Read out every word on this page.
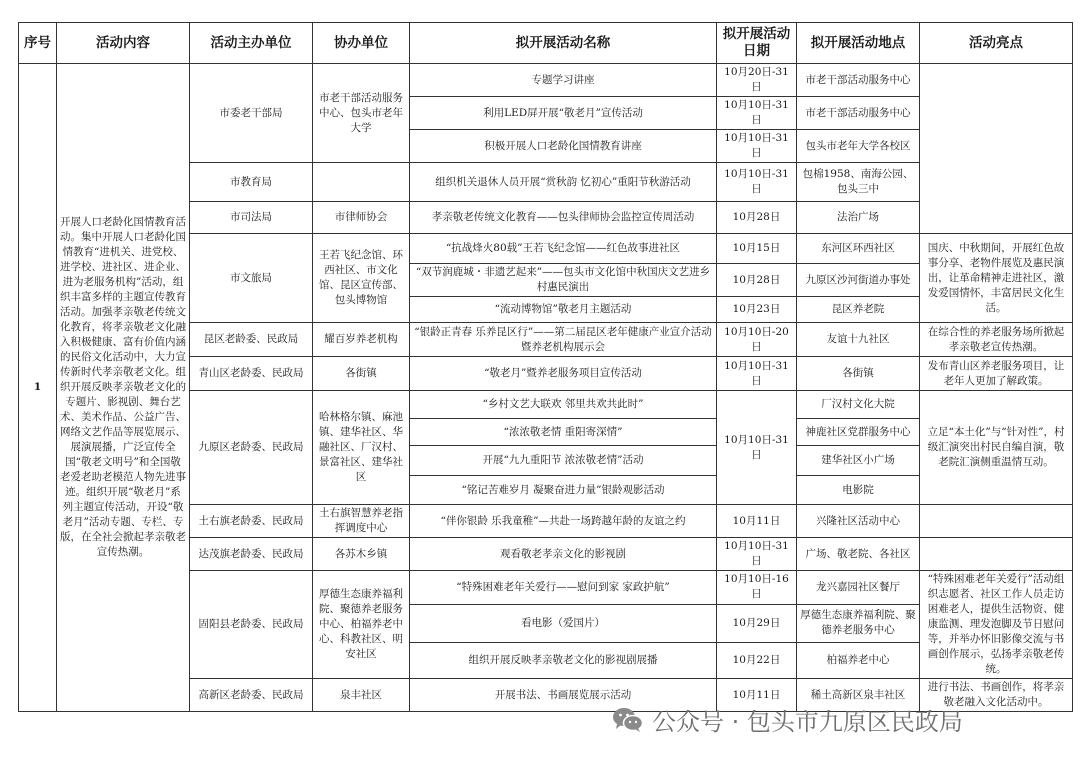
序号	活动内容	活动主办单位	协办单位	拟开展活动名称	拟开展活动日期	拟开展活动地点	活动亮点
1	开展人口老龄化国情教育活动。集中开展人口老龄化国情教育“进机关、进党校、进学校、进社区、进企业、进为老服务机构”活动，组织丰富多样的主题宣传教育活动。加强孝亲敬老传统文化教育，将孝亲敬老文化融入积极健康、富有价值内涵的民俗文化活动中，大力宣传新时代孝亲敬老文化。组织开展反映孝亲敬老文化的专题片、影视剧、舞台艺术、美术作品、公益广告、网络文艺作品等展览展示、展演展播，广泛宣传全国“敬老文明号”和全国敬老爱老助老模范人物先进事迹。组织开展“敬老月”系列主题宣传活动，开设“敬老月”活动专题、专栏、专版，在全社会掀起孝亲敬老宣传热潮。	市委老干部局	市老干部活动服务中心、包头市老年大学	专题学习讲座	10月20日-31日	市老干部活动服务中心	
				利用LED屏开展“敬老月”宣传活动	10月10日-31日	市老干部活动服务中心	
				积极开展人口老龄化国情教育讲座	10月10日-31日	包头市老年大学各校区	
		市教育局		组织机关退休人员开展“赏秋韵 忆初心”重阳节秋游活动	10月10日-31日	包棉1958、南海公园、包头三中	
		市司法局	市律师协会	孝亲敬老传统文化教育——包头律师协会监控宣传周活动	10月28日	法治广场	
		市文旅局	王若飞纪念馆、环西社区、市文化馆、昆区宣传部、包头博物馆	“抗战烽火80载”王若飞纪念馆——红色故事进社区	10月15日	东河区环西社区	国庆、中秋期间，开展红色故事分享、老物件展览及惠民演出，让革命精神走进社区，激发爱国情怀，丰富居民文化生活。
				“双节润鹿城・非遗艺起来”——包头市文化馆中秋国庆文艺进乡村惠民演出	10月28日	九原区沙河街道办事处	
				“流动博物馆”敬老月主题活动	10月23日	昆区养老院	
		昆区老龄委、民政局	耀百岁养老机构	“银龄正青春 乐养昆区行”——第二届昆区老年健康产业宣介活动暨养老机构展示会	10月10日-20日	友谊十九社区	在综合性的养老服务场所掀起孝亲敬老宣传热潮。
		青山区老龄委、民政局	各街镇	“敬老月”暨养老服务项目宣传活动	10月10日-31日	各街镇	发布青山区养老服务项目，让老年人更加了解政策。
		九原区老龄委、民政局	哈林格尔镇、麻池镇、建华社区、华融社区、厂汉村、景富社区、建华社区	“乡村文艺大联欢 邻里共欢共此时”	10月10日-31日	厂汉村文化大院	立足“本土化”与“针对性”，村级汇演突出村民自编自演，敬老院汇演侧重温情互动。
				“浓浓敬老情 重阳寄深情”		神鹿社区党群服务中心	
				开展“九九重阳节 浓浓敬老情”活动		建华社区小广场	
				“铭记苦难岁月 凝聚奋进力量”银龄观影活动		电影院	
		土右旗老龄委、民政局	土右旗智慧养老指挥调度中心	“伴你银龄 乐我童稚”—共赴一场跨越年龄的友谊之约	10月11日	兴隆社区活动中心	
		达茂旗老龄委、民政局	各苏木乡镇	观看敬老孝亲文化的影视剧	10月10日-31日	广场、敬老院、各社区	
		固阳县老龄委、民政局	厚德生态康养福利院、聚德养老服务中心、柏福养老中心、科教社区、明安社区	“特殊困难老年关爱行——慰问到家 家政护航”	10月10日-16日	龙兴嘉园社区餐厅	“特殊困难老年关爱行”活动组织志愿者、社区工作人员走访困难老人，提供生活物资、健康监测、理发泡脚及节日慰问等，并举办怀旧影像交流与书画创作展示，弘扬孝亲敬老传统。
				看电影（爱国片）	10月29日	厚德生态康养福利院、聚德养老服务中心	
				组织开展反映孝亲敬老文化的影视剧展播	10月22日	柏福养老中心	
		高新区老龄委、民政局	泉丰社区	开展书法、书画展览展示活动	10月11日	稀土高新区泉丰社区	进行书法、书画创作，将孝亲敬老融入文化活动中。
公众号 · 包头市九原区民政局
